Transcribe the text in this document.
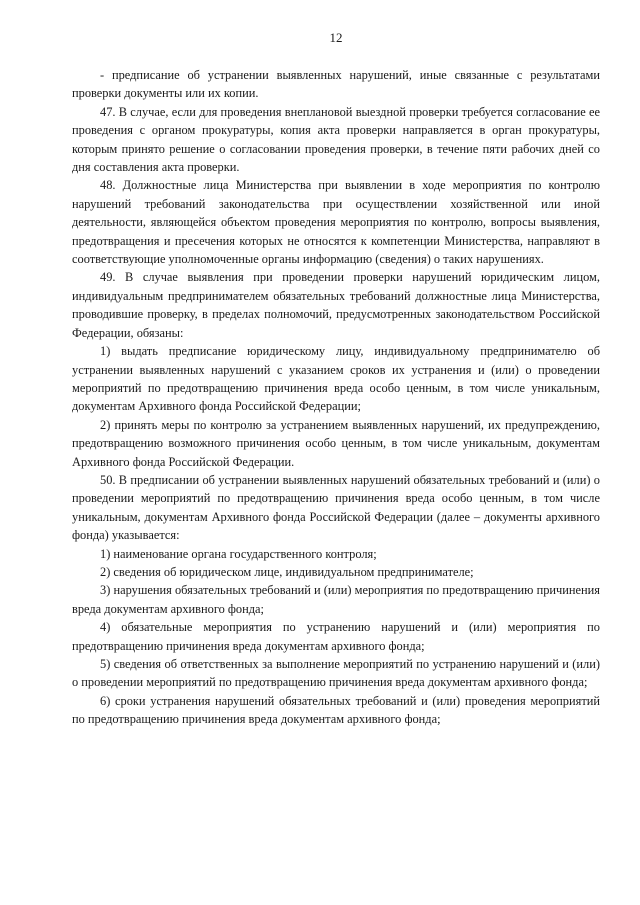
12

- предписание об устранении выявленных нарушений, иные связанные с результатами проверки документы или их копии.

47. В случае, если для проведения внеплановой выездной проверки требуется согласование ее проведения с органом прокуратуры, копия акта проверки направляется в орган прокуратуры, которым принято решение о согласовании проведения проверки, в течение пяти рабочих дней со дня составления акта проверки.

48. Должностные лица Министерства при выявлении в ходе мероприятия по контролю нарушений требований законодательства при осуществлении хозяйственной или иной деятельности, являющейся объектом проведения мероприятия по контролю, вопросы выявления, предотвращения и пресечения которых не относятся к компетенции Министерства, направляют в соответствующие уполномоченные органы информацию (сведения) о таких нарушениях.

49. В случае выявления при проведении проверки нарушений юридическим лицом, индивидуальным предпринимателем обязательных требований должностные лица Министерства, проводившие проверку, в пределах полномочий, предусмотренных законодательством Российской Федерации, обязаны:

1) выдать предписание юридическому лицу, индивидуальному предпринимателю об устранении выявленных нарушений с указанием сроков их устранения и (или) о проведении мероприятий по предотвращению причинения вреда особо ценным, в том числе уникальным, документам Архивного фонда Российской Федерации;

2) принять меры по контролю за устранением выявленных нарушений, их предупреждению, предотвращению возможного причинения особо ценным, в том числе уникальным, документам Архивного фонда Российской Федерации.

50. В предписании об устранении выявленных нарушений обязательных требований и (или) о проведении мероприятий по предотвращению причинения вреда особо ценным, в том числе уникальным, документам Архивного фонда Российской Федерации (далее – документы архивного фонда) указывается:

1) наименование органа государственного контроля;

2) сведения об юридическом лице, индивидуальном предпринимателе;

3) нарушения обязательных требований и (или) мероприятия по предотвращению причинения вреда документам архивного фонда;

4) обязательные мероприятия по устранению нарушений и (или) мероприятия по предотвращению причинения вреда документам архивного фонда;

5) сведения об ответственных за выполнение мероприятий по устранению нарушений и (или) о проведении мероприятий по предотвращению причинения вреда документам архивного фонда;

6) сроки устранения нарушений обязательных требований и (или) проведения мероприятий по предотвращению причинения вреда документам архивного фонда;
